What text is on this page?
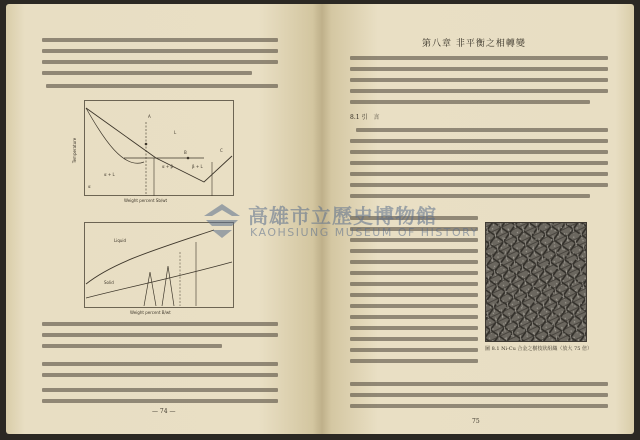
A
L
α + L
α
α + β	β + L
B	C
Temperature
Weight percent Sb/wt
Liquid
Solid
Weight percent B/wt
— 74 —
第八章 非平衡之相轉變
8.1 引　言
圖 8.1 Ni-Cu 合金之樹枝狀組織（放大 75 倍）
75
高雄市立歷史博物館
KAOHSIUNG MUSEUM OF HISTORY
